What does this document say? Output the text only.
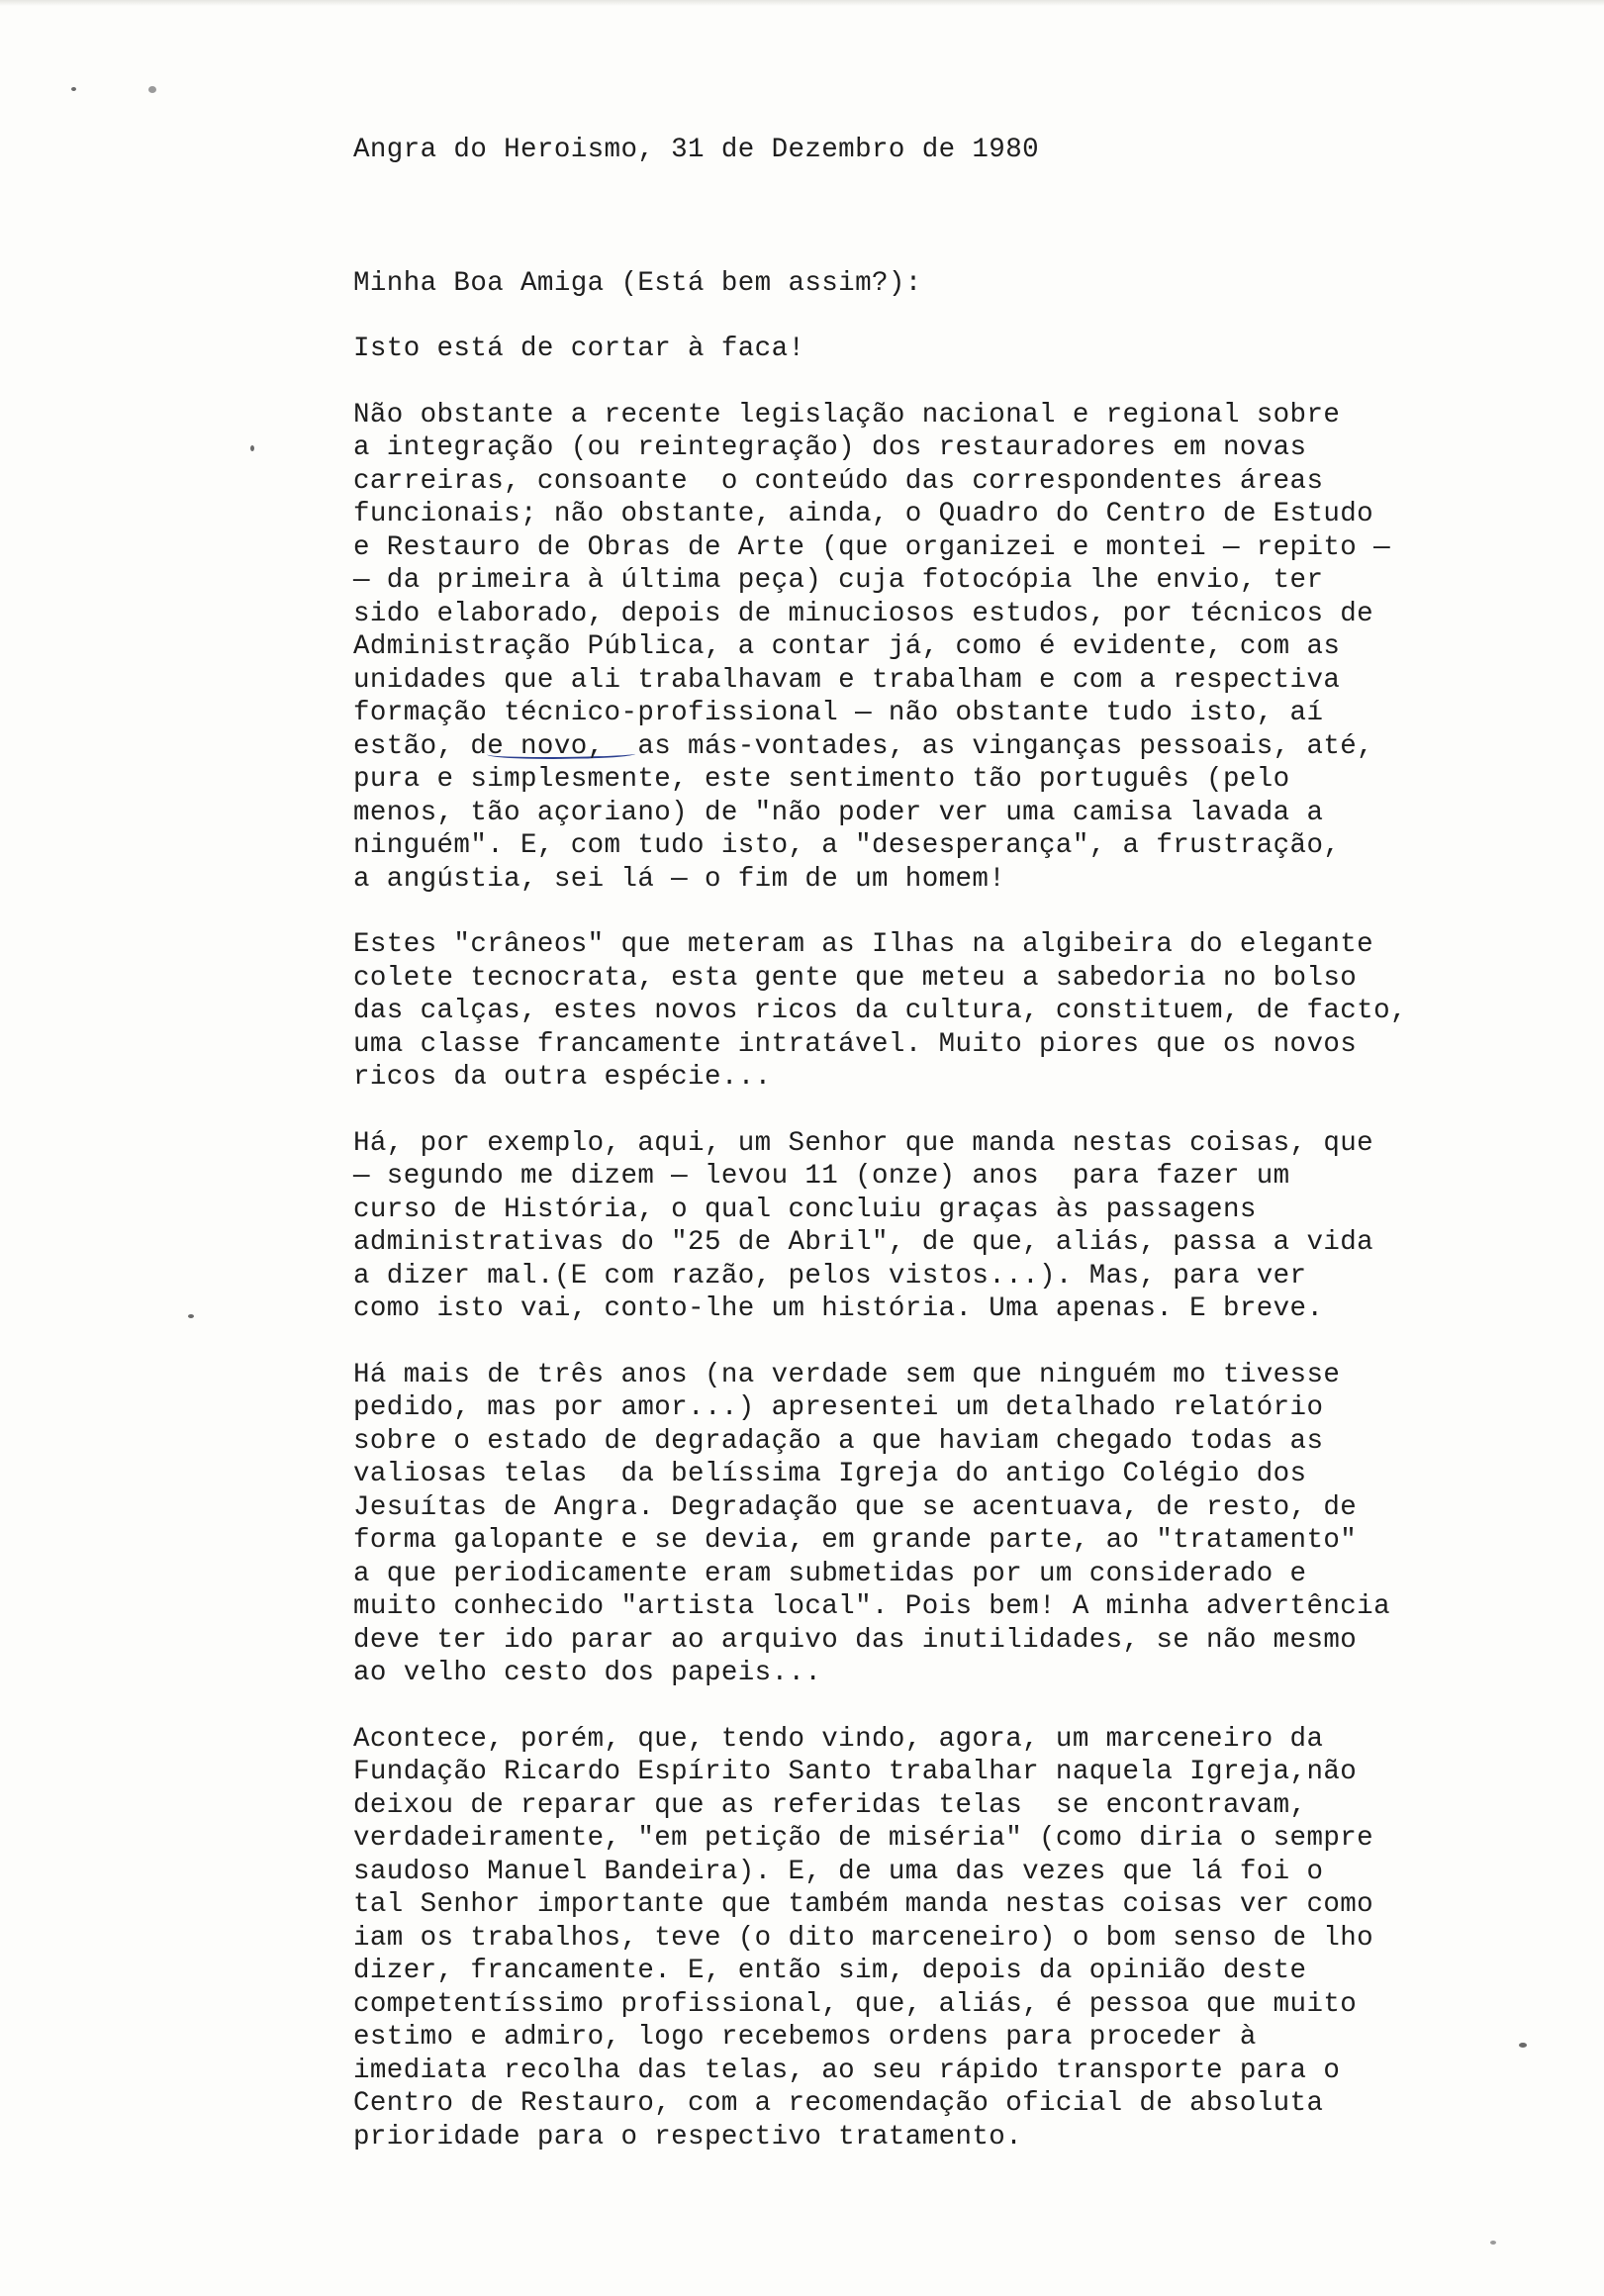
Angra do Heroismo, 31 de Dezembro de 1980
Minha Boa Amiga (Está bem assim?):
Isto está de cortar à faca!
Não obstante a recente legislação nacional e regional sobre
a integração (ou reintegração) dos restauradores em novas
carreiras, consoante  o conteúdo das correspondentes áreas
funcionais; não obstante, ainda, o Quadro do Centro de Estudo
e Restauro de Obras de Arte (que organizei e montei — repito —
— da primeira à última peça) cuja fotocópia lhe envio, ter
sido elaborado, depois de minuciosos estudos, por técnicos de
Administração Pública, a contar já, como é evidente, com as
unidades que ali trabalhavam e trabalham e com a respectiva
formação técnico-profissional — não obstante tudo isto, aí
estão, de novo,  as más-vontades, as vinganças pessoais, até,
pura e simplesmente, este sentimento tão português (pelo
menos, tão açoriano) de "não poder ver uma camisa lavada a
ninguém". E, com tudo isto, a "desesperança", a frustração,
a angústia, sei lá — o fim de um homem!
Estes "crâneos" que meteram as Ilhas na algibeira do elegante
colete tecnocrata, esta gente que meteu a sabedoria no bolso
das calças, estes novos ricos da cultura, constituem, de facto,
uma classe francamente intratável. Muito piores que os novos
ricos da outra espécie...
Há, por exemplo, aqui, um Senhor que manda nestas coisas, que
— segundo me dizem — levou 11 (onze) anos  para fazer um
curso de História, o qual concluiu graças às passagens
administrativas do "25 de Abril", de que, aliás, passa a vida
a dizer mal.(E com razão, pelos vistos...). Mas, para ver
como isto vai, conto-lhe um história. Uma apenas. E breve.
Há mais de três anos (na verdade sem que ninguém mo tivesse
pedido, mas por amor...) apresentei um detalhado relatório
sobre o estado de degradação a que haviam chegado todas as
valiosas telas  da belíssima Igreja do antigo Colégio dos
Jesuítas de Angra. Degradação que se acentuava, de resto, de
forma galopante e se devia, em grande parte, ao "tratamento"
a que periodicamente eram submetidas por um considerado e
muito conhecido "artista local". Pois bem! A minha advertência
deve ter ido parar ao arquivo das inutilidades, se não mesmo
ao velho cesto dos papeis...
Acontece, porém, que, tendo vindo, agora, um marceneiro da
Fundação Ricardo Espírito Santo trabalhar naquela Igreja,não
deixou de reparar que as referidas telas  se encontravam,
verdadeiramente, "em petição de miséria" (como diria o sempre
saudoso Manuel Bandeira). E, de uma das vezes que lá foi o
tal Senhor importante que também manda nestas coisas ver como
iam os trabalhos, teve (o dito marceneiro) o bom senso de lho
dizer, francamente. E, então sim, depois da opinião deste
competentíssimo profissional, que, aliás, é pessoa que muito
estimo e admiro, logo recebemos ordens para proceder à
imediata recolha das telas, ao seu rápido transporte para o
Centro de Restauro, com a recomendação oficial de absoluta
prioridade para o respectivo tratamento.
